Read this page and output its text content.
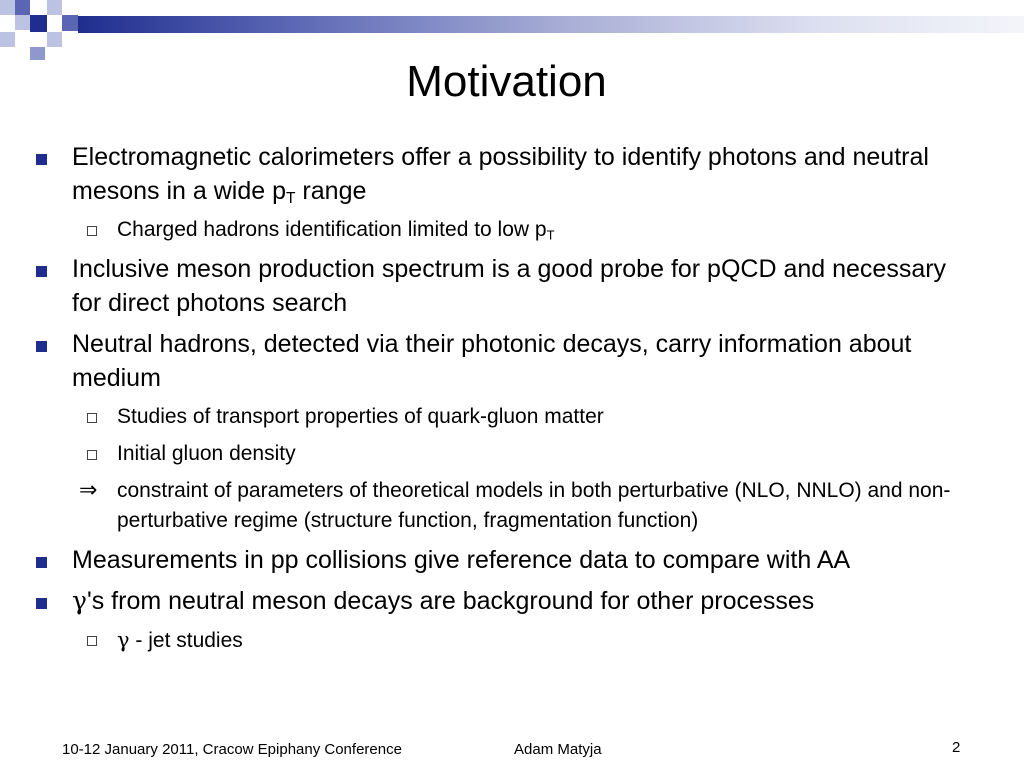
Motivation
Electromagnetic calorimeters offer a possibility to identify photons and neutral mesons in a wide $p_T$ range
Charged hadrons identification limited to low $p_T$
Inclusive meson production spectrum is a good probe for pQCD and necessary for direct photons search
Neutral hadrons, detected via their photonic decays, carry information about medium
Studies of transport properties of quark-gluon matter
Initial gluon density
⇒ constraint of parameters of theoretical models in both perturbative (NLO, NNLO) and non-perturbative regime (structure function, fragmentation function)
Measurements in pp collisions give reference data to compare with AA
γ's from neutral meson decays are background for other processes
γ - jet studies
10-12 January 2011, Cracow Epiphany Conference	Adam Matyja	2
